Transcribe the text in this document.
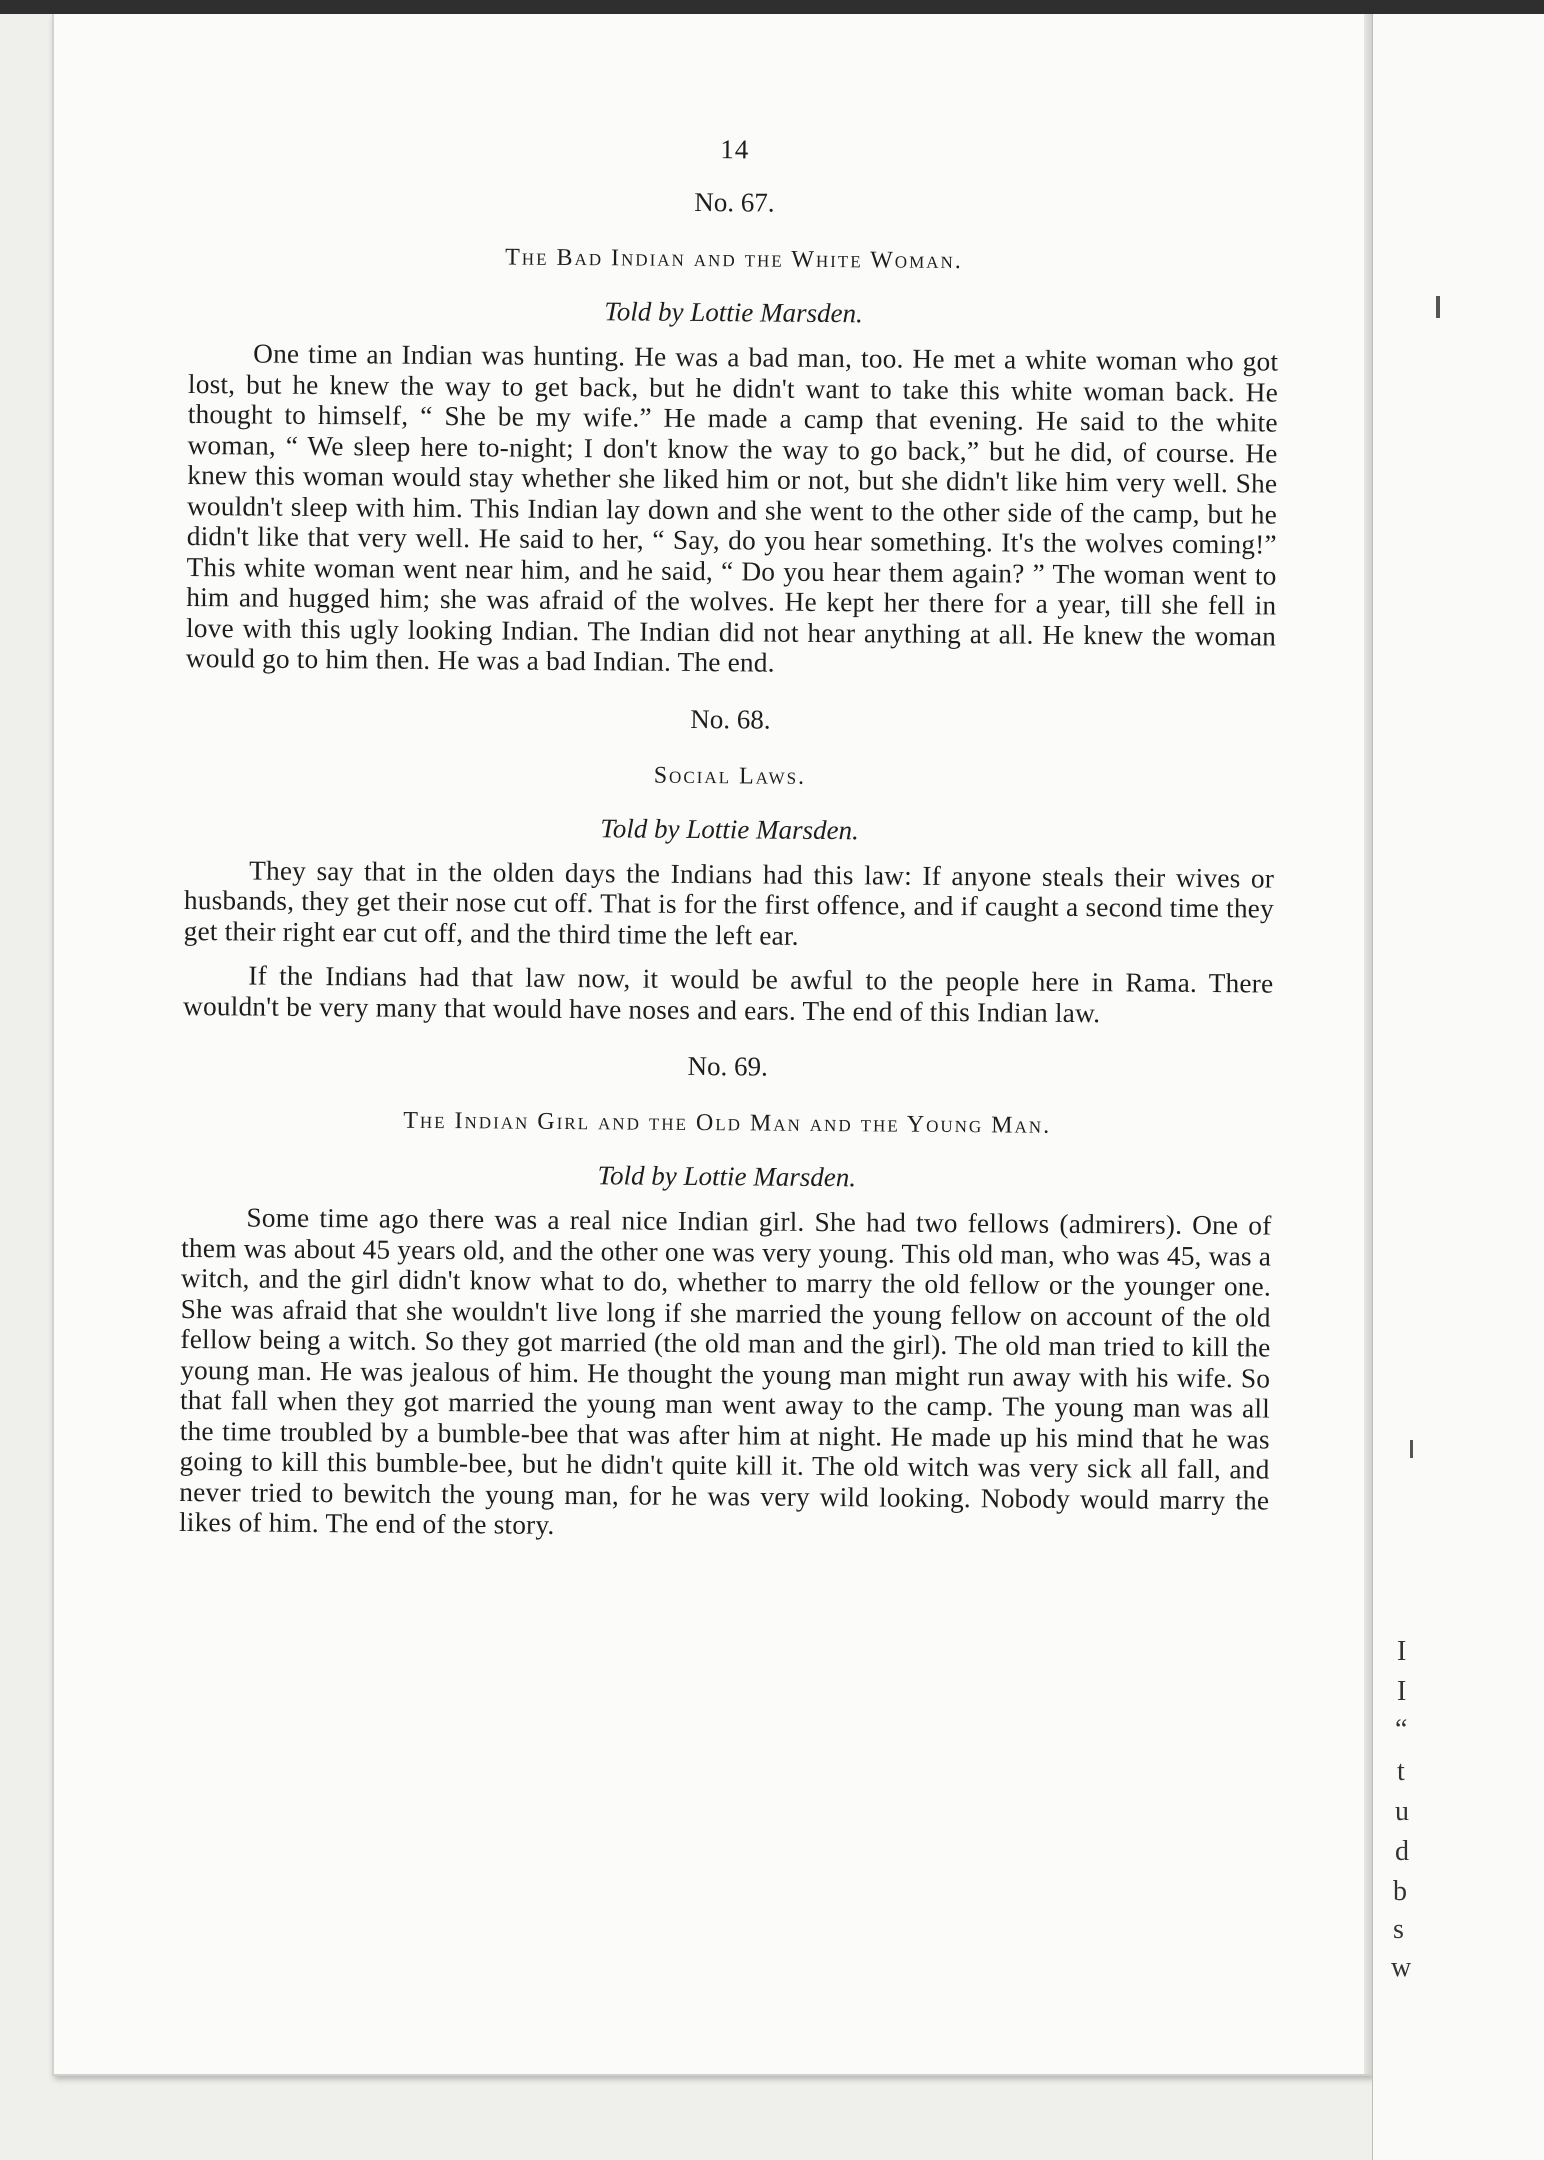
I
I
“
t
u
d
b
s
w
14
No. 67.
The Bad Indian and the White Woman.
Told by Lottie Marsden.

One time an Indian was hunting. He was a bad man, too. He met a white woman who got lost, but he knew the way to get back, but he didn't want to take this white woman back. He thought to himself, “ She be my wife.” He made a camp that evening. He said to the white woman, “ We sleep here to-night; I don't know the way to go back,” but he did, of course. He knew this woman would stay whether she liked him or not, but she didn't like him very well. She wouldn't sleep with him. This Indian lay down and she went to the other side of the camp, but he didn't like that very well. He said to her, “ Say, do you hear something. It's the wolves coming!” This white woman went near him, and he said, “ Do you hear them again? ” The woman went to him and hugged him; she was afraid of the wolves. He kept her there for a year, till she fell in love with this ugly looking Indian. The Indian did not hear anything at all. He knew the woman would go to him then. He was a bad Indian. The end.

No. 68.
Social Laws.
Told by Lottie Marsden.

They say that in the olden days the Indians had this law: If anyone steals their wives or husbands, they get their nose cut off. That is for the first offence, and if caught a second time they get their right ear cut off, and the third time the left ear.

If the Indians had that law now, it would be awful to the people here in Rama. There wouldn't be very many that would have noses and ears. The end of this Indian law.

No. 69.
The Indian Girl and the Old Man and the Young Man.
Told by Lottie Marsden.

Some time ago there was a real nice Indian girl. She had two fellows (admirers). One of them was about 45 years old, and the other one was very young. This old man, who was 45, was a witch, and the girl didn't know what to do, whether to marry the old fellow or the younger one. She was afraid that she wouldn't live long if she married the young fellow on account of the old fellow being a witch. So they got married (the old man and the girl). The old man tried to kill the young man. He was jealous of him. He thought the young man might run away with his wife. So that fall when they got married the young man went away to the camp. The young man was all the time troubled by a bumble-bee that was after him at night. He made up his mind that he was going to kill this bumble-bee, but he didn't quite kill it. The old witch was very sick all fall, and never tried to bewitch the young man, for he was very wild looking. Nobody would marry the likes of him. The end of the story.
